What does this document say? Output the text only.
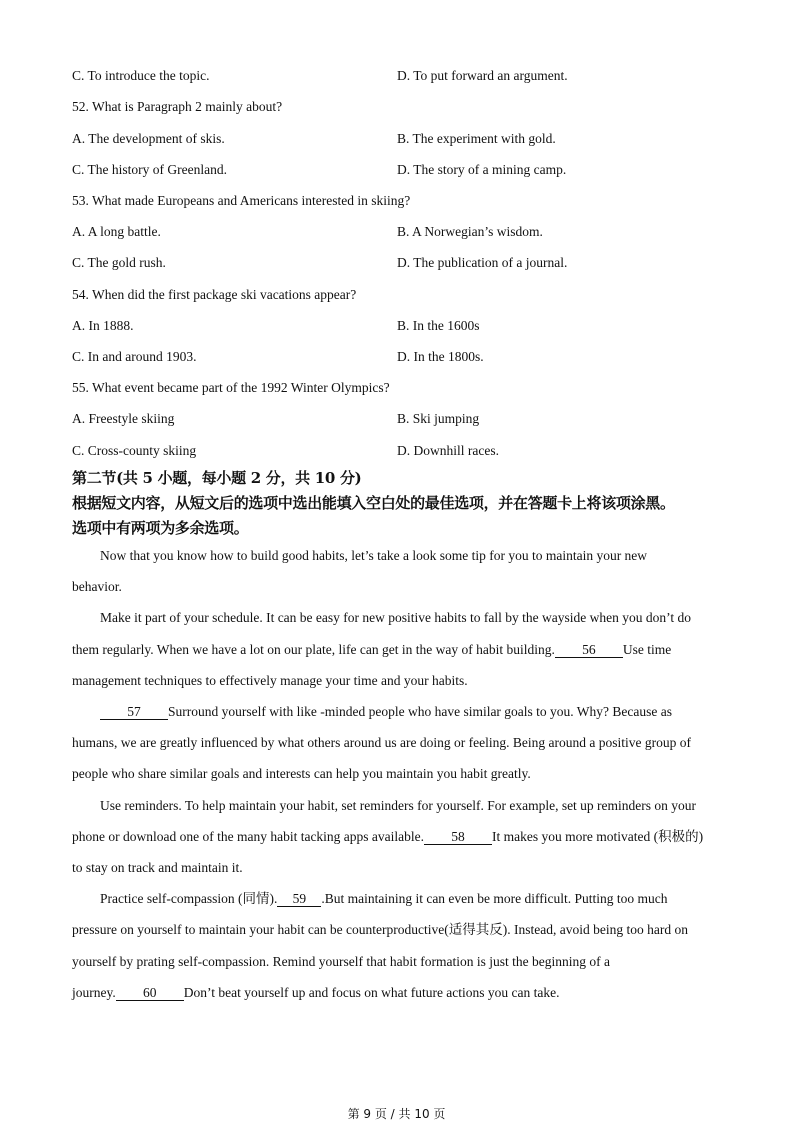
C. To introduce the topic.	D. To put forward an argument.
52. What is Paragraph 2 mainly about?
A. The development of skis.	B. The experiment with gold.
C. The history of Greenland.	D. The story of a mining camp.
53. What made Europeans and Americans interested in skiing?
A. A long battle.	B. A Norwegian’s wisdom.
C. The gold rush.	D. The publication of a journal.
54. When did the first package ski vacations appear?
A. In 1888.	B. In the 1600s
C. In and around 1903.	D. In the 1800s.
55. What event became part of the 1992 Winter Olympics?
A. Freestyle skiing	B. Ski jumping
C. Cross-county skiing	D. Downhill races.
第二节(共 5 小题，每小题 2 分，共 10 分)
根据短文内容，从短文后的选项中选出能填入空白处的最佳选项，并在答题卡上将该项涂黑。
选项中有两项为多余选项。
Now that you know how to build good habits, let’s take a look some tip for you to maintain your new
behavior.
Make it part of your schedule. It can be easy for new positive habits to fall by the wayside when you don’t do
them regularly. When we have a lot on our plate, life can get in the way of habit building. 56 Use time
management techniques to effectively manage your time and your habits.
57 Surround yourself with like -minded people who have similar goals to you. Why? Because as
humans, we are greatly influenced by what others around us are doing or feeling. Being around a positive group of
people who share similar goals and interests can help you maintain you habit greatly.
Use reminders. To help maintain your habit, set reminders for yourself. For example, set up reminders on your
phone or download one of the many habit tacking apps available. 58 It makes you more motivated (积极的)
to stay on track and maintain it.
Practice self-compassion (同情). 59 .But maintaining it can even be more difficult. Putting too much
pressure on yourself to maintain your habit can be counterproductive(适得其反). Instead, avoid being too hard on
yourself by prating self-compassion. Remind yourself that habit formation is just the beginning of a
journey. 60 Don’t beat yourself up and focus on what future actions you can take.
第 9 页 / 共 10 页
